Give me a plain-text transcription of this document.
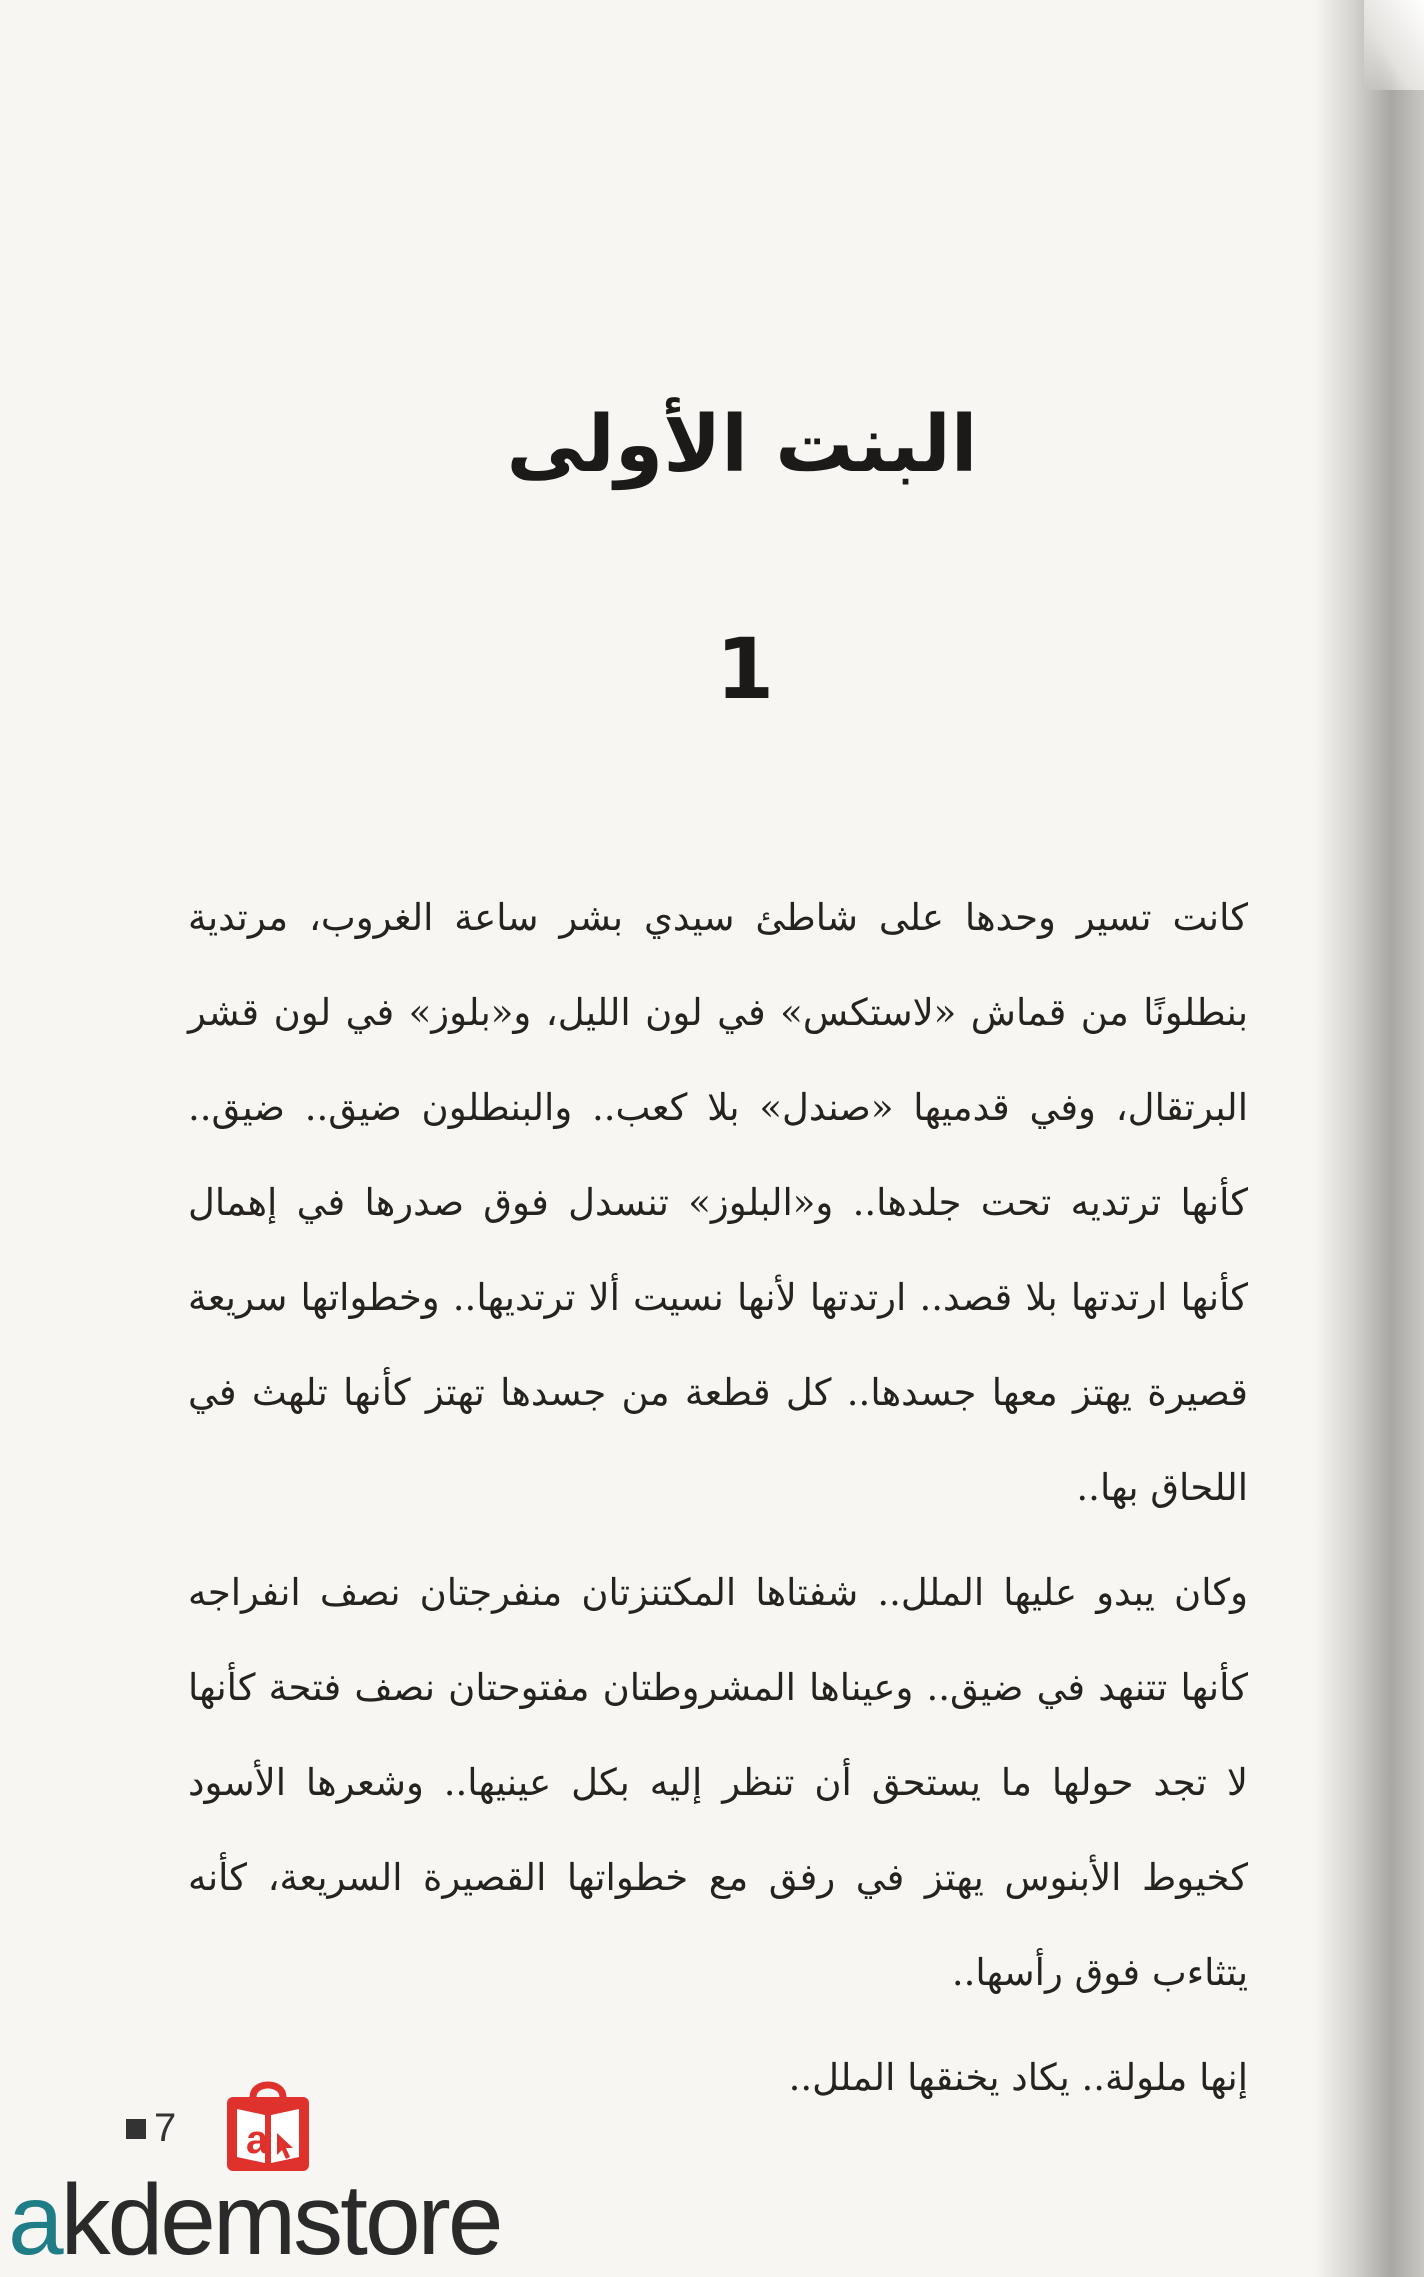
البنت الأولى
1

كانت تسير وحدها على شاطئ سيدي بشر ساعة الغروب، مرتدية بنطلونًا من قماش «لاستكس» في لون الليل، و«بلوز» في لون قشر البرتقال، وفي قدميها «صندل» بلا كعب.. والبنطلون ضيق.. ضيق.. كأنها ترتديه تحت جلدها.. و«البلوز» تنسدل فوق صدرها في إهمال كأنها ارتدتها بلا قصد.. ارتدتها لأنها نسيت ألا ترتديها.. وخطواتها سريعة قصيرة يهتز معها جسدها.. كل قطعة من جسدها تهتز كأنها تلهث في اللحاق بها..

وكان يبدو عليها الملل.. شفتاها المكتنزتان منفرجتان نصف انفراجه كأنها تتنهد في ضيق.. وعيناها المشروطتان مفتوحتان نصف فتحة كأنها لا تجد حولها ما يستحق أن تنظر إليه بكل عينيها.. وشعرها الأسود كخيوط الأبنوس يهتز في رفق مع خطواتها القصيرة السريعة، كأنه يتثاءب فوق رأسها..

إنها ملولة.. يكاد يخنقها الملل..

7 a
akdemstore
